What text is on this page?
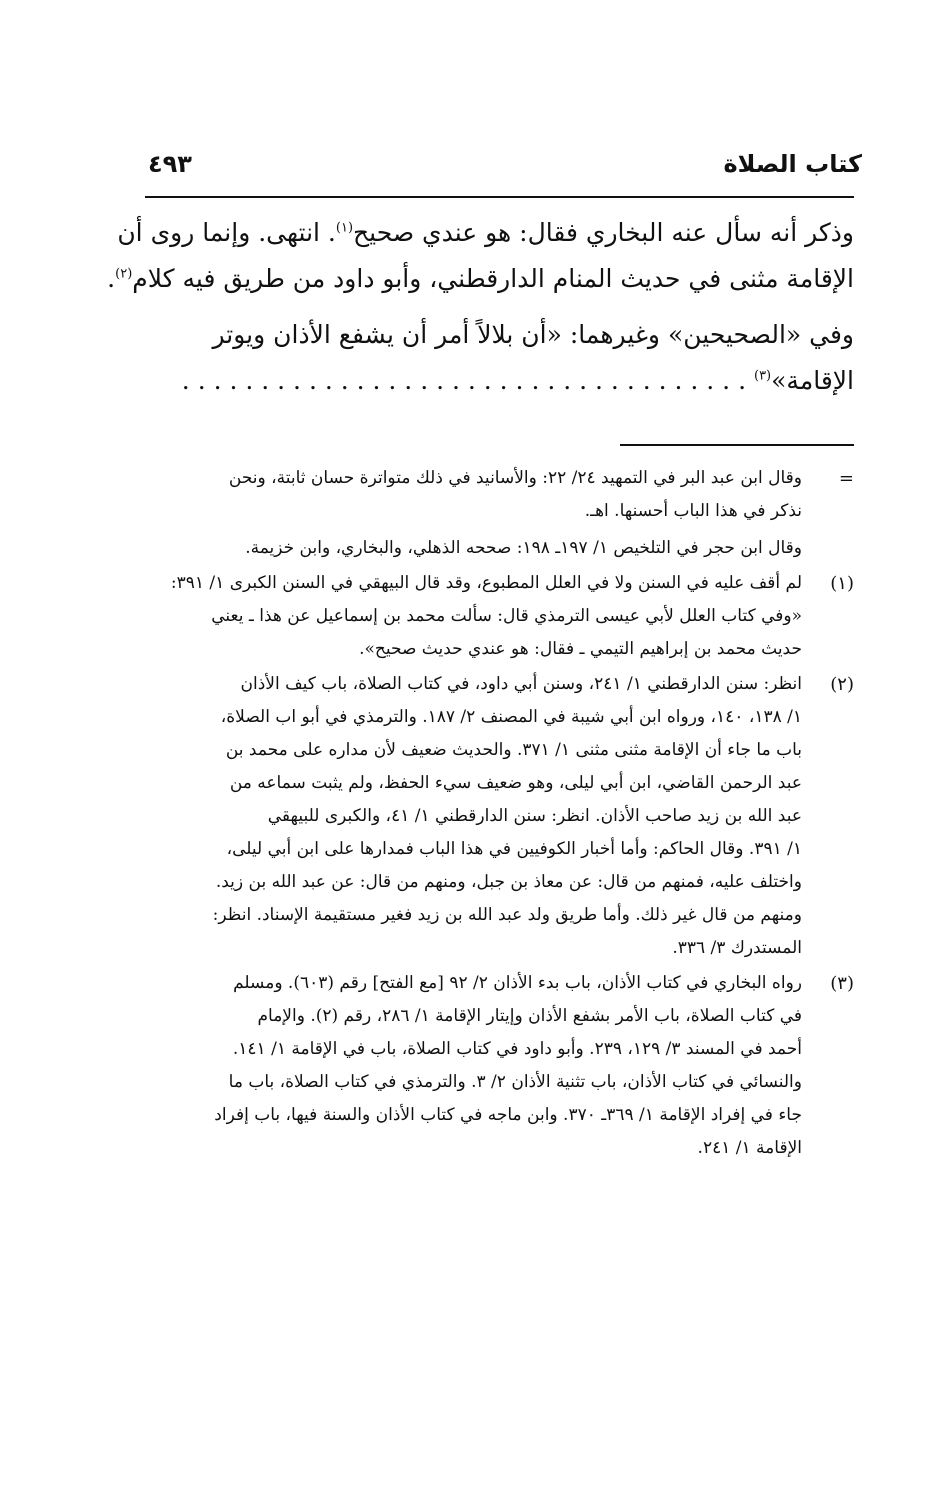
كتاب الصلاة
٤٩٣
وذكر أنه سأل عنه البخاري فقال: هو عندي صحيح$^{(١)}$. انتهى. وإنما روى أن
الإقامة مثنى في حديث المنام الدارقطني، وأبو داود من طريق فيه كلام$^{(٢)}$.
وفي «الصحيحين» وغيرهما: «أن بلالاً أمر أن يشفع الأذان ويوتر
الإقامة»$^{(٣)}$ . . .
=
وقال ابن عبد البر في التمهيد ٢٤/ ٢٢: والأسانيد في ذلك متواترة حسان ثابتة، ونحن
نذكر في هذا الباب أحسنها. اهـ.
وقال ابن حجر في التلخيص ١/ ١٩٧ـ ١٩٨: صححه الذهلي، والبخاري، وابن خزيمة.
(١)
لم أقف عليه في السنن ولا في العلل المطبوع، وقد قال البيهقي في السنن الكبرى ١/ ٣٩١:
«وفي كتاب العلل لأبي عيسى الترمذي قال: سألت محمد بن إسماعيل عن هذا ـ يعني
حديث محمد بن إبراهيم التيمي ـ فقال: هو عندي حديث صحيح».
(٢)
انظر: سنن الدارقطني ١/ ٢٤١، وسنن أبي داود، في كتاب الصلاة، باب كيف الأذان
١/ ١٣٨، ١٤٠، ورواه ابن أبي شيبة في المصنف ٢/ ١٨٧. والترمذي في أبو اب الصلاة،
باب ما جاء أن الإقامة مثنى مثنى ١/ ٣٧١. والحديث ضعيف لأن مداره على محمد بن
عبد الرحمن القاضي، ابن أبي ليلى، وهو ضعيف سيء الحفظ، ولم يثبت سماعه من
عبد الله بن زيد صاحب الأذان. انظر: سنن الدارقطني ١/ ٤١، والكبرى للبيهقي
١/ ٣٩١. وقال الحاكم: وأما أخبار الكوفيين في هذا الباب فمدارها على ابن أبي ليلى،
واختلف عليه، فمنهم من قال: عن معاذ بن جبل، ومنهم من قال: عن عبد الله بن زيد.
ومنهم من قال غير ذلك. وأما طريق ولد عبد الله بن زيد فغير مستقيمة الإسناد. انظر:
المستدرك ٣/ ٣٣٦.
(٣)
رواه البخاري في كتاب الأذان، باب بدء الأذان ٢/ ٩٢ [مع الفتح] رقم (٦٠٣). ومسلم
في كتاب الصلاة، باب الأمر بشفع الأذان وإيتار الإقامة ١/ ٢٨٦، رقم (٢). والإمام
أحمد في المسند ٣/ ١٢٩، ٢٣٩. وأبو داود في كتاب الصلاة، باب في الإقامة ١/ ١٤١.
والنسائي في كتاب الأذان، باب تثنية الأذان ٢/ ٣. والترمذي في كتاب الصلاة، باب ما
جاء في إفراد الإقامة ١/ ٣٦٩ـ ٣٧٠. وابن ماجه في كتاب الأذان والسنة فيها، باب إفراد
الإقامة ١/ ٢٤١.
